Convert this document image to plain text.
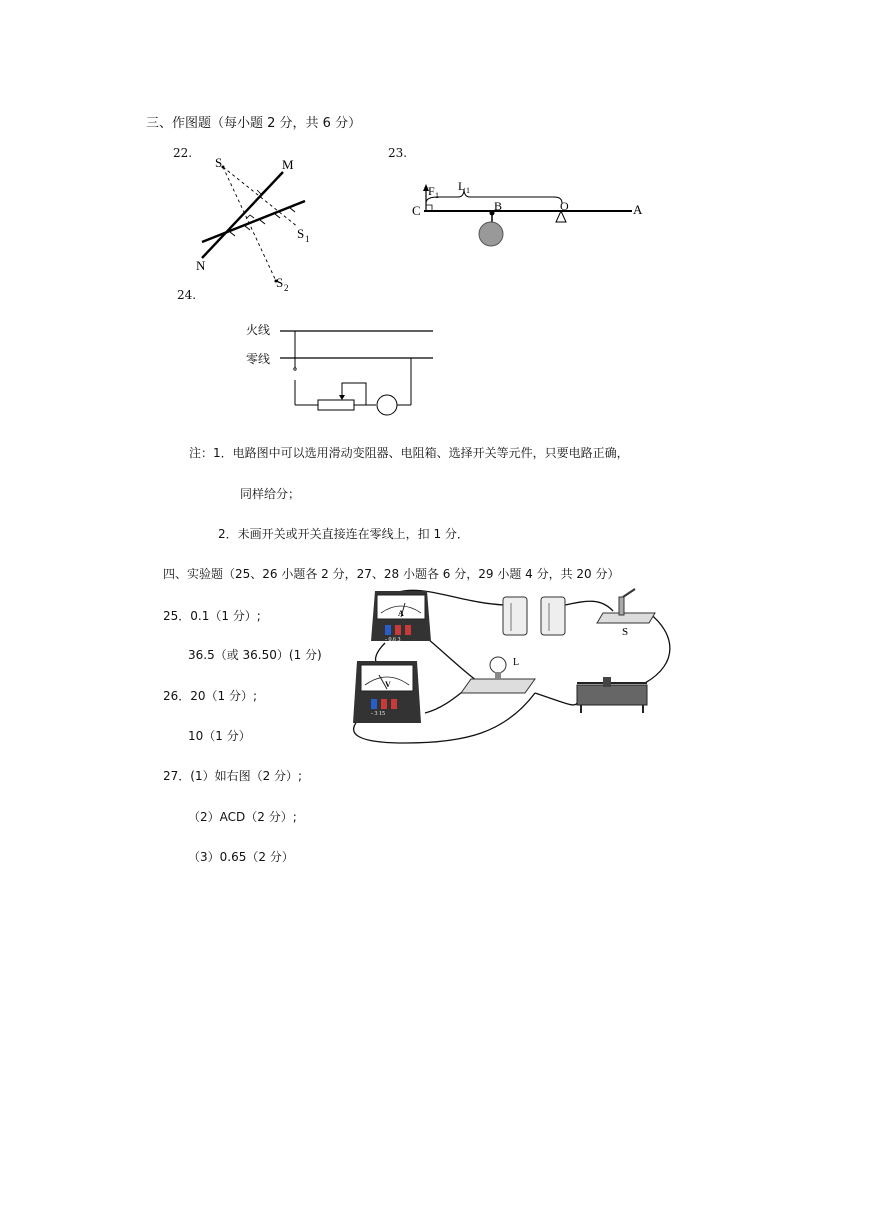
三、作图题（每小题 2 分，共 6 分）
22.
S	M
N
S 1
S 2
23.
F 1
L 1
C	B	O	A
24.
火线
零线
注：1．电路图中可以选用滑动变阻器、电阻箱、选择开关等元件，只要电路正确，
同样给分；
2．未画开关或开关直接连在零线上，扣 1 分．
四、实验题（25、26 小题各 2 分，27、28 小题各 6 分，29 小题 4 分，共 20 分）
25．0.1（1 分）;
36.5（或 36.50）(1 分)
26．20（1 分）;
10（1 分）
27．(1）如右图（2 分）;
（2）ACD（2 分）;
（3）0.65（2 分）
A
- 0.6 3
V
- 3 15
S
L
